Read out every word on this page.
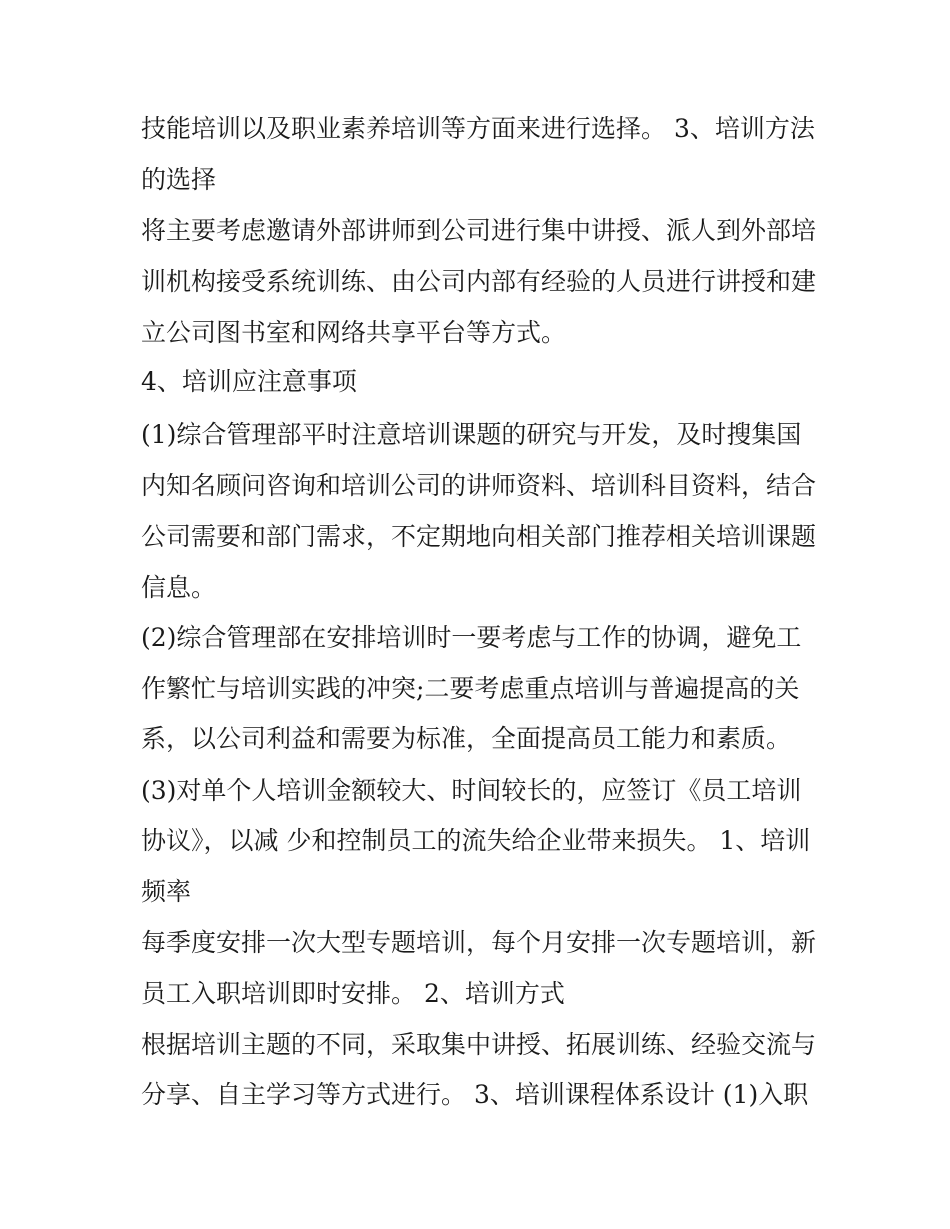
技能培训以及职业素养培训等方面来进行选择。 3、培训方法
的选择
将主要考虑邀请外部讲师到公司进行集中讲授、派人到外部培
训机构接受系统训练、由公司内部有经验的人员进行讲授和建
立公司图书室和网络共享平台等方式。
4、培训应注意事项
(1)综合管理部平时注意培训课题的研究与开发，及时搜集国
内知名顾问咨询和培训公司的讲师资料、培训科目资料，结合
公司需要和部门需求，不定期地向相关部门推荐相关培训课题
信息。
(2)综合管理部在安排培训时一要考虑与工作的协调，避免工
作繁忙与培训实践的冲突;二要考虑重点培训与普遍提高的关
系，以公司利益和需要为标准，全面提高员工能力和素质。
(3)对单个人培训金额较大、时间较长的，应签订《员工培训
协议》，以减 少和控制员工的流失给企业带来损失。 1、培训
频率
每季度安排一次大型专题培训，每个月安排一次专题培训，新
员工入职培训即时安排。 2、培训方式
根据培训主题的不同，采取集中讲授、拓展训练、经验交流与
分享、自主学习等方式进行。 3、培训课程体系设计 (1)入职
